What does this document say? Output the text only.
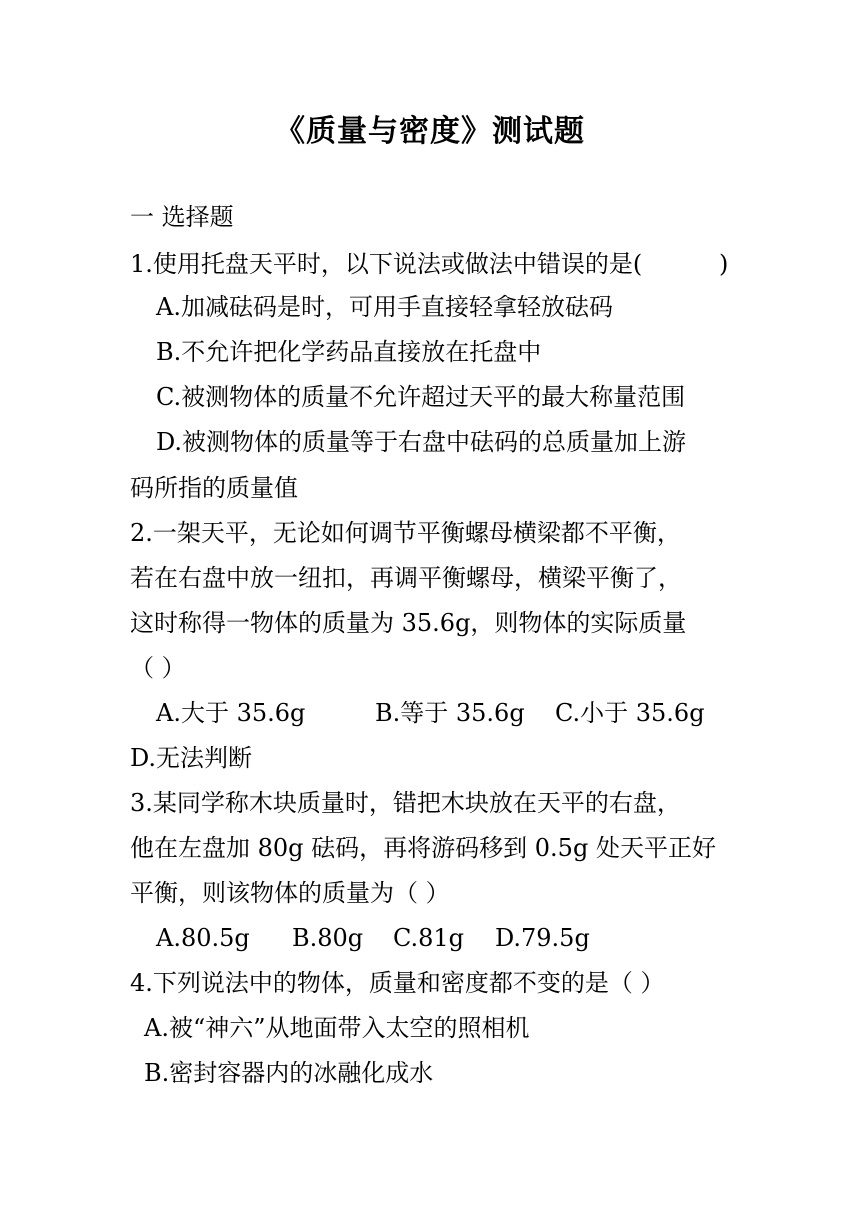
《质量与密度》测试题
一 选择题
1.使用托盘天平时，以下说法或做法中错误的是(	)
A.加减砝码是时，可用手直接轻拿轻放砝码
B.不允许把化学药品直接放在托盘中
C.被测物体的质量不允许超过天平的最大称量范围
D.被测物体的质量等于右盘中砝码的总质量加上游
码所指的质量值
2.一架天平，无论如何调节平衡螺母横梁都不平衡，
若在右盘中放一纽扣，再调平衡螺母，横梁平衡了，
这时称得一物体的质量为 35.6g，则物体的实际质量
（ ）
A.大于 35.6g	B.等于 35.6g C.小于 35.6g
D.无法判断
3.某同学称木块质量时，错把木块放在天平的右盘，
他在左盘加 80g 砝码，再将游码移到 0.5g 处天平正好
平衡，则该物体的质量为（ ）
A.80.5g B.80g C.81g D.79.5g
4.下列说法中的物体，质量和密度都不变的是（ ）
A.被“神六”从地面带入太空的照相机
B.密封容器内的冰融化成水
